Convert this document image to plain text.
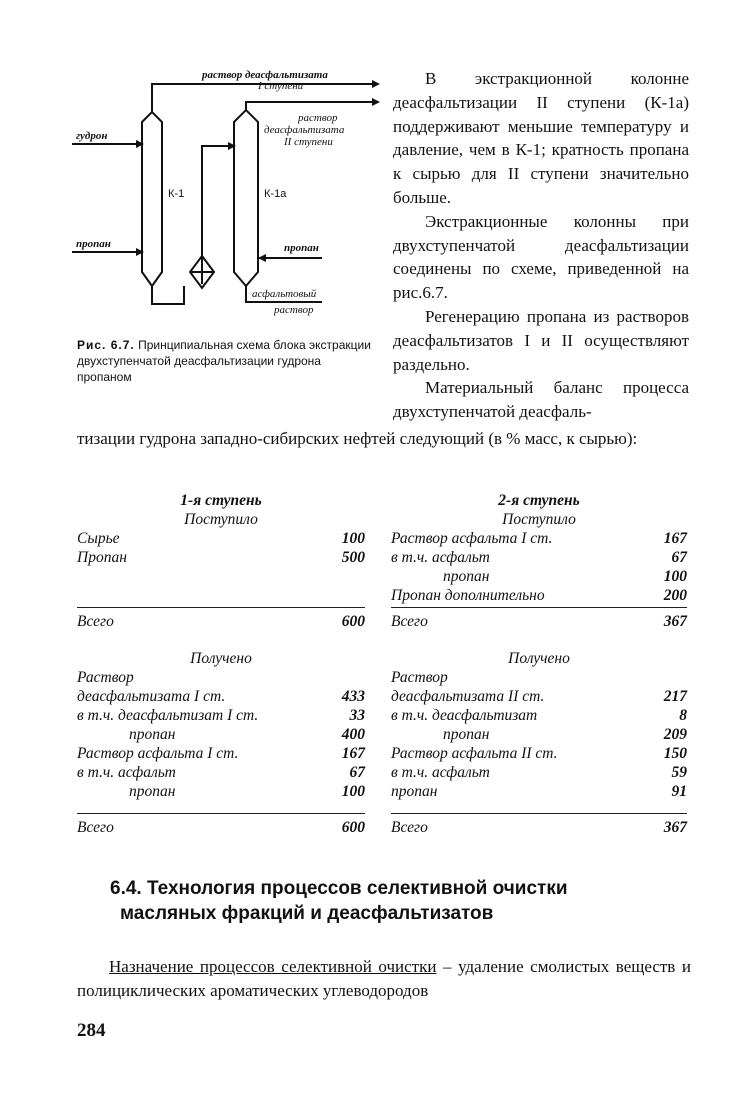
раствор деасфальтизата
I ступени
раствор
деасфальтизата
II ступени
гудрон
К-1	К-1а
пропан	пропан
асфальтовый
раствор
Рис. 6.7. Принципиальная схема блока экстракции двухступенчатой деасфальтизации гудрона пропаном

В экстракционной колонне деасфальтизации II ступени (К-1а) поддерживают меньшие температуру и давление, чем в К-1; кратность пропана к сырью для II ступени значительно больше.

Экстракционные колонны при двухступенчатой деасфальтизации соединены по схеме, приведенной на рис.6.7.

Регенерацию пропана из растворов деасфальтизатов I и II осуществляют раздельно.

Материальный баланс процесса двухступенчатой деасфаль-

тизации гудрона западно-сибирских нефтей следующий (в % масс, к сырью):
1-я ступень
Поступило
Сырье	100
Пропан	500
Всего	600
Получено
Раствор
деасфальтизата I ст.	433
в т.ч. деасфальтизат I ст.	33
пропан	400
Раствор асфальта I ст.	167
в т.ч. асфальт	67
пропан	100
Всего	600
2-я ступень
Поступило
Раствор асфальта I ст.	167
в т.ч. асфальт	67
пропан	100
Пропан дополнительно	200
Всего	367
Получено
Раствор
деасфальтизата II ст.	217
в т.ч. деасфальтизат	8
пропан	209
Раствор асфальта II ст.	150
в т.ч. асфальт	59
пропан	91
Всего	367
6.4. Технология процессов селективной очистки
масляных фракций и деасфальтизатов
Назначение процессов селективной очистки – удаление смолистых веществ и полициклических ароматических углеводородов
284
